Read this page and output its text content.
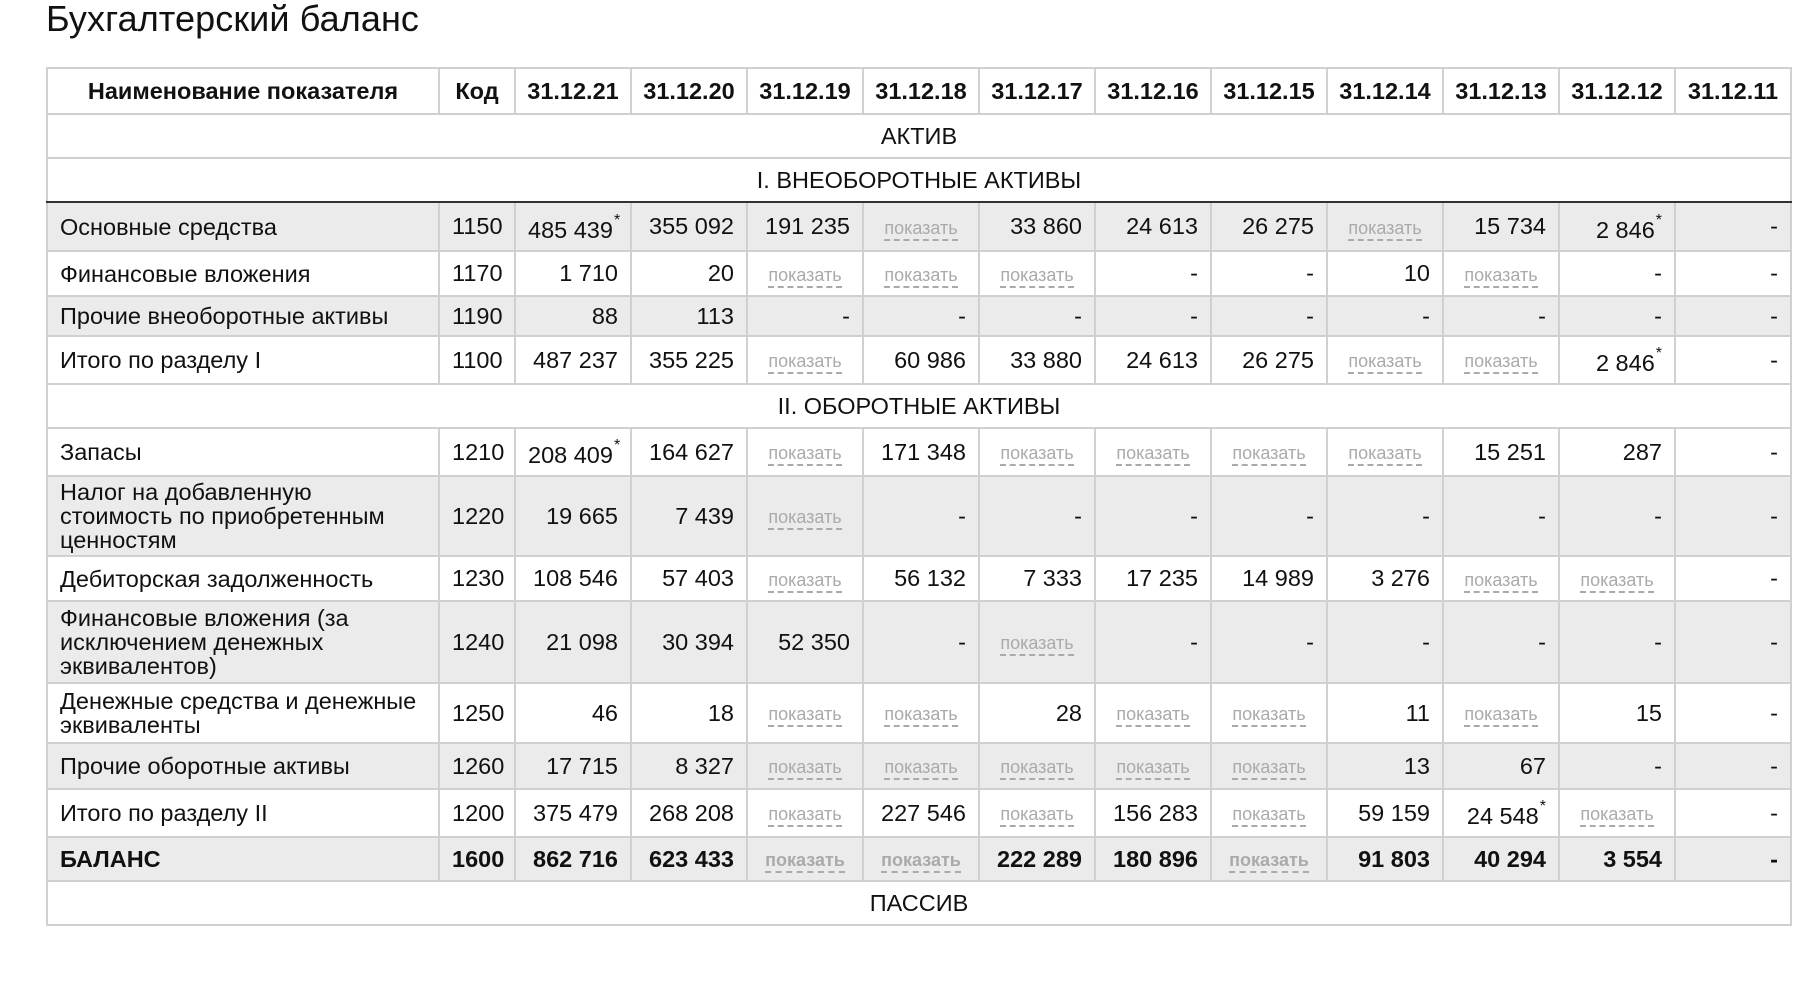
Бухгалтерский баланс
Наименование показателя	Код	31.12.21	31.12.20	31.12.19	31.12.18	31.12.17	31.12.16	31.12.15	31.12.14	31.12.13	31.12.12	31.12.11
АКТИВ												
I. ВНЕОБОРОТНЫЕ АКТИВЫ												
Основные средства	1150	485 439*	355 092	191 235	показать	33 860	24 613	26 275	показать	15 734	2 846*	-
Финансовые вложения	1170	1 710	20	показать	показать	показать	-	-	10	показать	-	-
Прочие внеоборотные активы	1190	88	113	-	-	-	-	-	-	-	-	-
Итого по разделу I	1100	487 237	355 225	показать	60 986	33 880	24 613	26 275	показать	показать	2 846*	-
II. ОБОРОТНЫЕ АКТИВЫ												
Запасы	1210	208 409*	164 627	показать	171 348	показать	показать	показать	показать	15 251	287	-
Налог на добавленную стоимость по приобретенным ценностям	1220	19 665	7 439	показать	-	-	-	-	-	-	-	-
Дебиторская задолженность	1230	108 546	57 403	показать	56 132	7 333	17 235	14 989	3 276	показать	показать	-
Финансовые вложения (за исключением денежных эквивалентов)	1240	21 098	30 394	52 350	-	показать	-	-	-	-	-	-
Денежные средства и денежные эквиваленты	1250	46	18	показать	показать	28	показать	показать	11	показать	15	-
Прочие оборотные активы	1260	17 715	8 327	показать	показать	показать	показать	показать	13	67	-	-
Итого по разделу II	1200	375 479	268 208	показать	227 546	показать	156 283	показать	59 159	24 548*	показать	-
БАЛАНС	1600	862 716	623 433	показать	показать	222 289	180 896	показать	91 803	40 294	3 554	-
ПАССИВ												
